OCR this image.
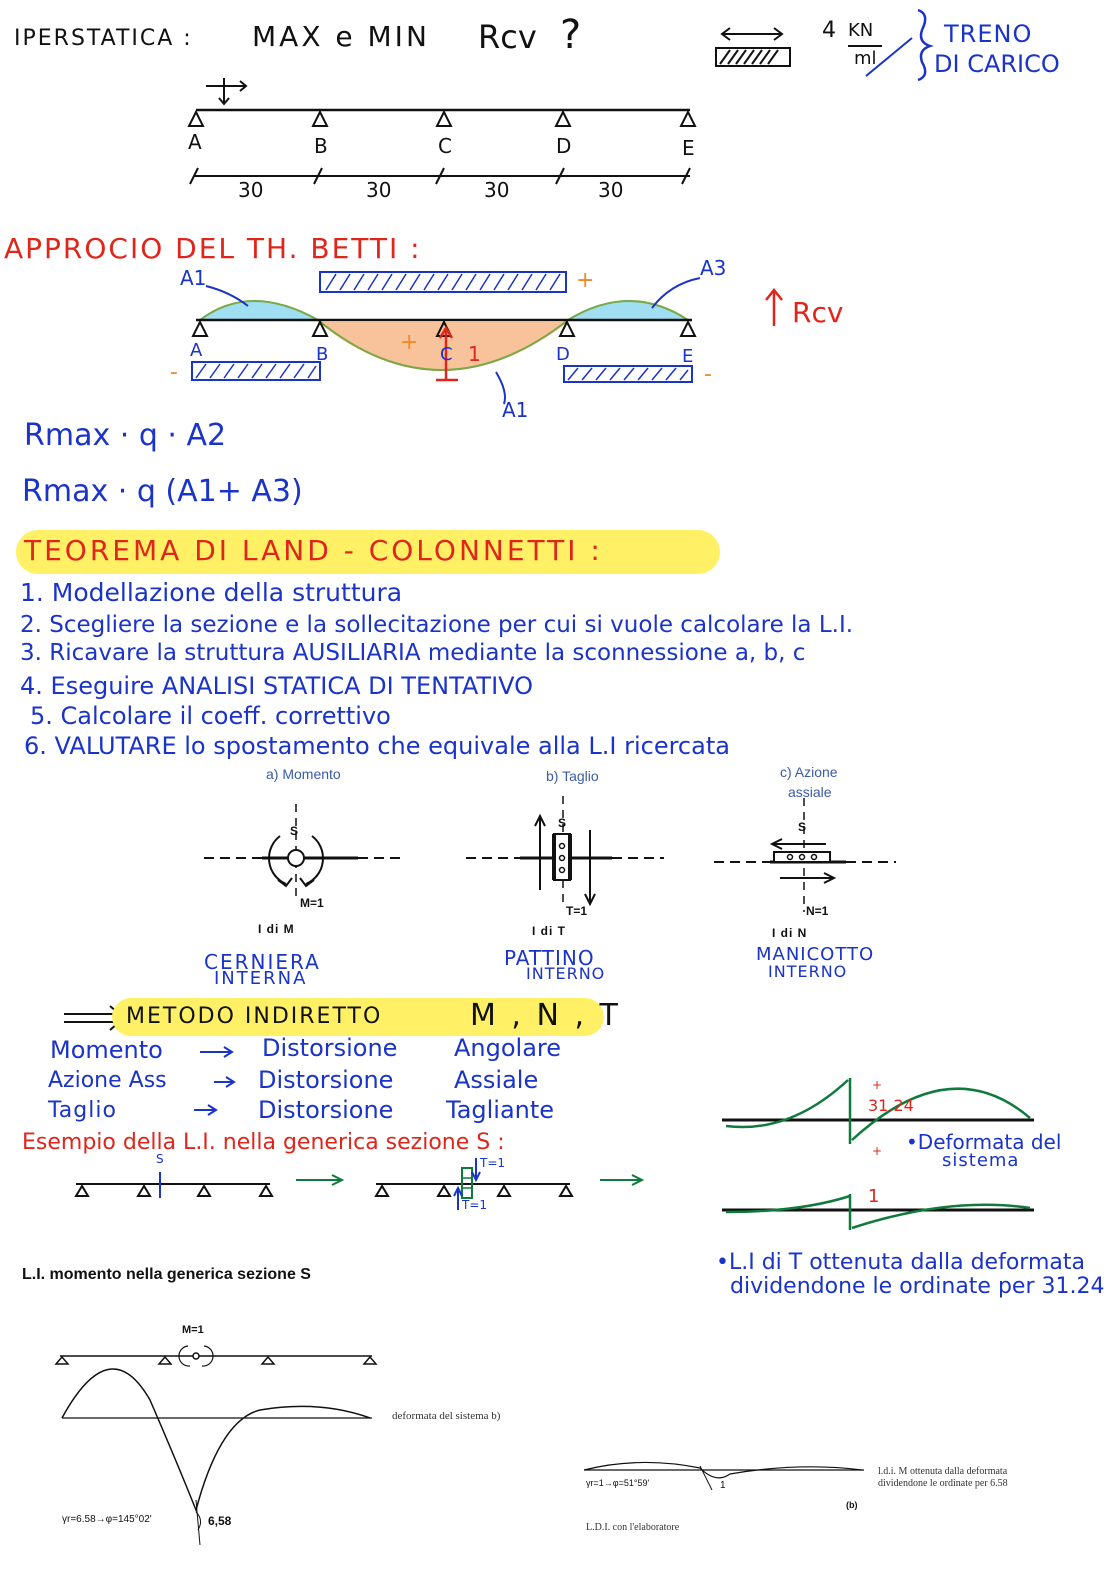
IPERSTATICA : MAX e MIN Rcv ?	4 KN
ml
TRENO
DI CARICO
A	B	C	D	E
30	30	30	30
APPROCIO DEL TH. BETTI :
A1	A3
A1
A	B	C	D	E
1
+
+
-	-
Rcv
Rmax · q · A2
Rmax · q (A1+ A3)
TEOREMA DI LAND - COLONNETTI :
1. Modellazione della struttura
2. Scegliere la sezione e la sollecitazione per cui si vuole calcolare la L.I.
3. Ricavare la struttura AUSILIARIA mediante la sconnessione a, b, c
4. Eseguire ANALISI STATICA DI TENTATIVO
5. Calcolare il coeff. correttivo
6. VALUTARE lo spostamento che equivale alla L.I ricercata
a) Momento	b) Taglio	c) Azione
assiale
S
S	S
M=1
T=1	N=1
I di M	I di T	I di N
CERNIERA
INTERNA
PATTINO
INTERNO
MANICOTTO
INTERNO
METODO INDIRETTO	M , N , T
Momento	Distorsione Angolare
Azione Ass	Distorsione	Assiale
Taglio	Distorsione Tagliante
Esempio della L.I. nella generica sezione S :
S	T=1
T=1
+
31.24
+ •Deformata del
sistema
1
•L.I di T ottenuta dalla deformata
dividendone le ordinate per 31.24
L.I. momento nella generica sezione S
M=1
deformata del sistema b)
γr=6.58→φ=145°02'	6,58
γr=1→φ=51°59'	1
l.d.i. M ottenuta dalla deformata
dividendone le ordinate per 6.58
(b)
L.D.I. con l'elaboratore
